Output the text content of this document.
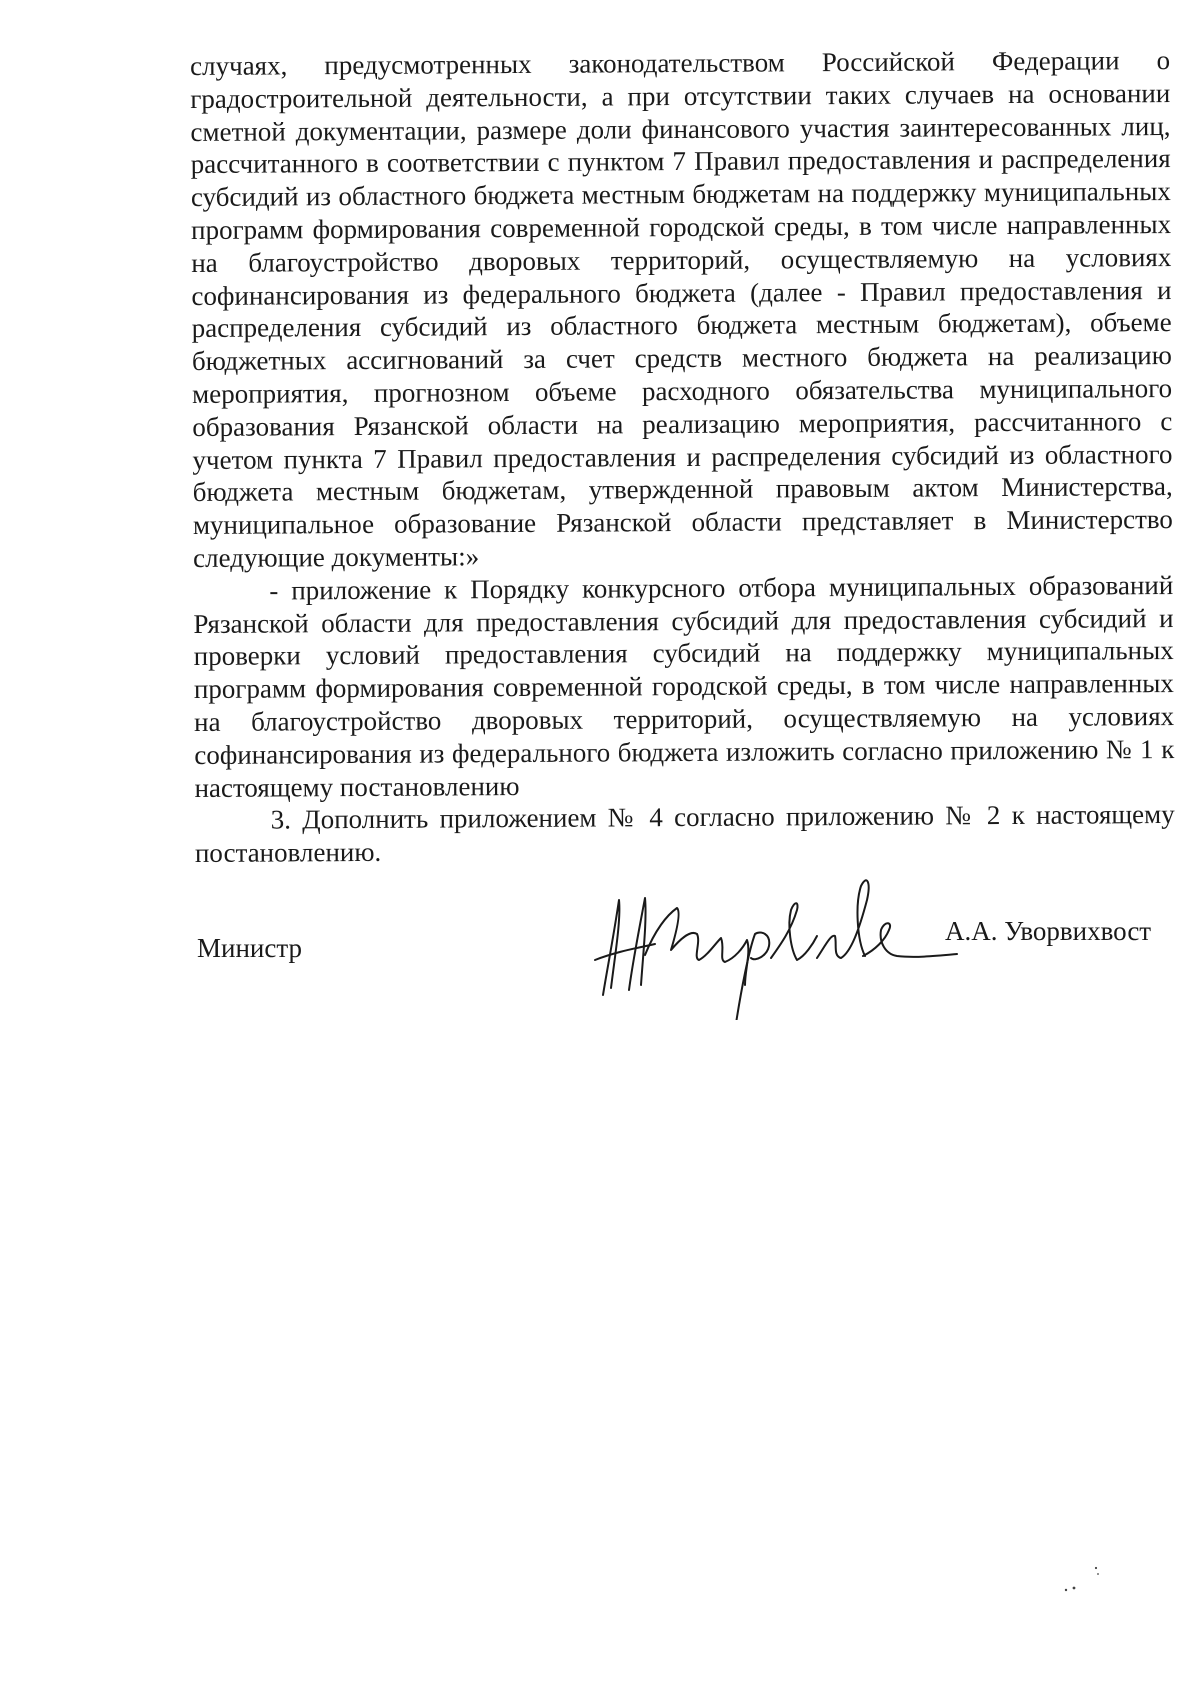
случаях, предусмотренных законодательством Российской Федерации о градостроительной деятельности, а при отсутствии таких случаев на основании сметной документации, размере доли финансового участия заинтересованных лиц, рассчитанного в соответствии с пунктом 7 Правил предоставления и распределения субсидий из областного бюджета местным бюджетам на поддержку муниципальных программ формирования современной городской среды, в том числе направленных на благоустройство дворовых территорий, осуществляемую на условиях софинансирования из федерального бюджета (далее - Правил предоставления и распределения субсидий из областного бюджета местным бюджетам), объеме бюджетных ассигнований за счет средств местного бюджета на реализацию мероприятия, прогнозном объеме расходного обязательства муниципального образования Рязанской области на реализацию мероприятия, рассчитанного с учетом пункта 7 Правил предоставления и распределения субсидий из областного бюджета местным бюджетам, утвержденной правовым актом Министерства, муниципальное образование Рязанской области представляет в Министерство следующие документы:»

- приложение к Порядку конкурсного отбора муниципальных образований Рязанской области для предоставления субсидий для предоставления субсидий и проверки условий предоставления субсидий на поддержку муниципальных программ формирования современной городской среды, в том числе направленных на благоустройство дворовых территорий, осуществляемую на условиях софинансирования из федерального бюджета изложить согласно приложению № 1 к настоящему постановлению

3. Дополнить приложением № 4 согласно приложению № 2 к настоящему постановлению.

Министр
А.А. Уворвихвост
